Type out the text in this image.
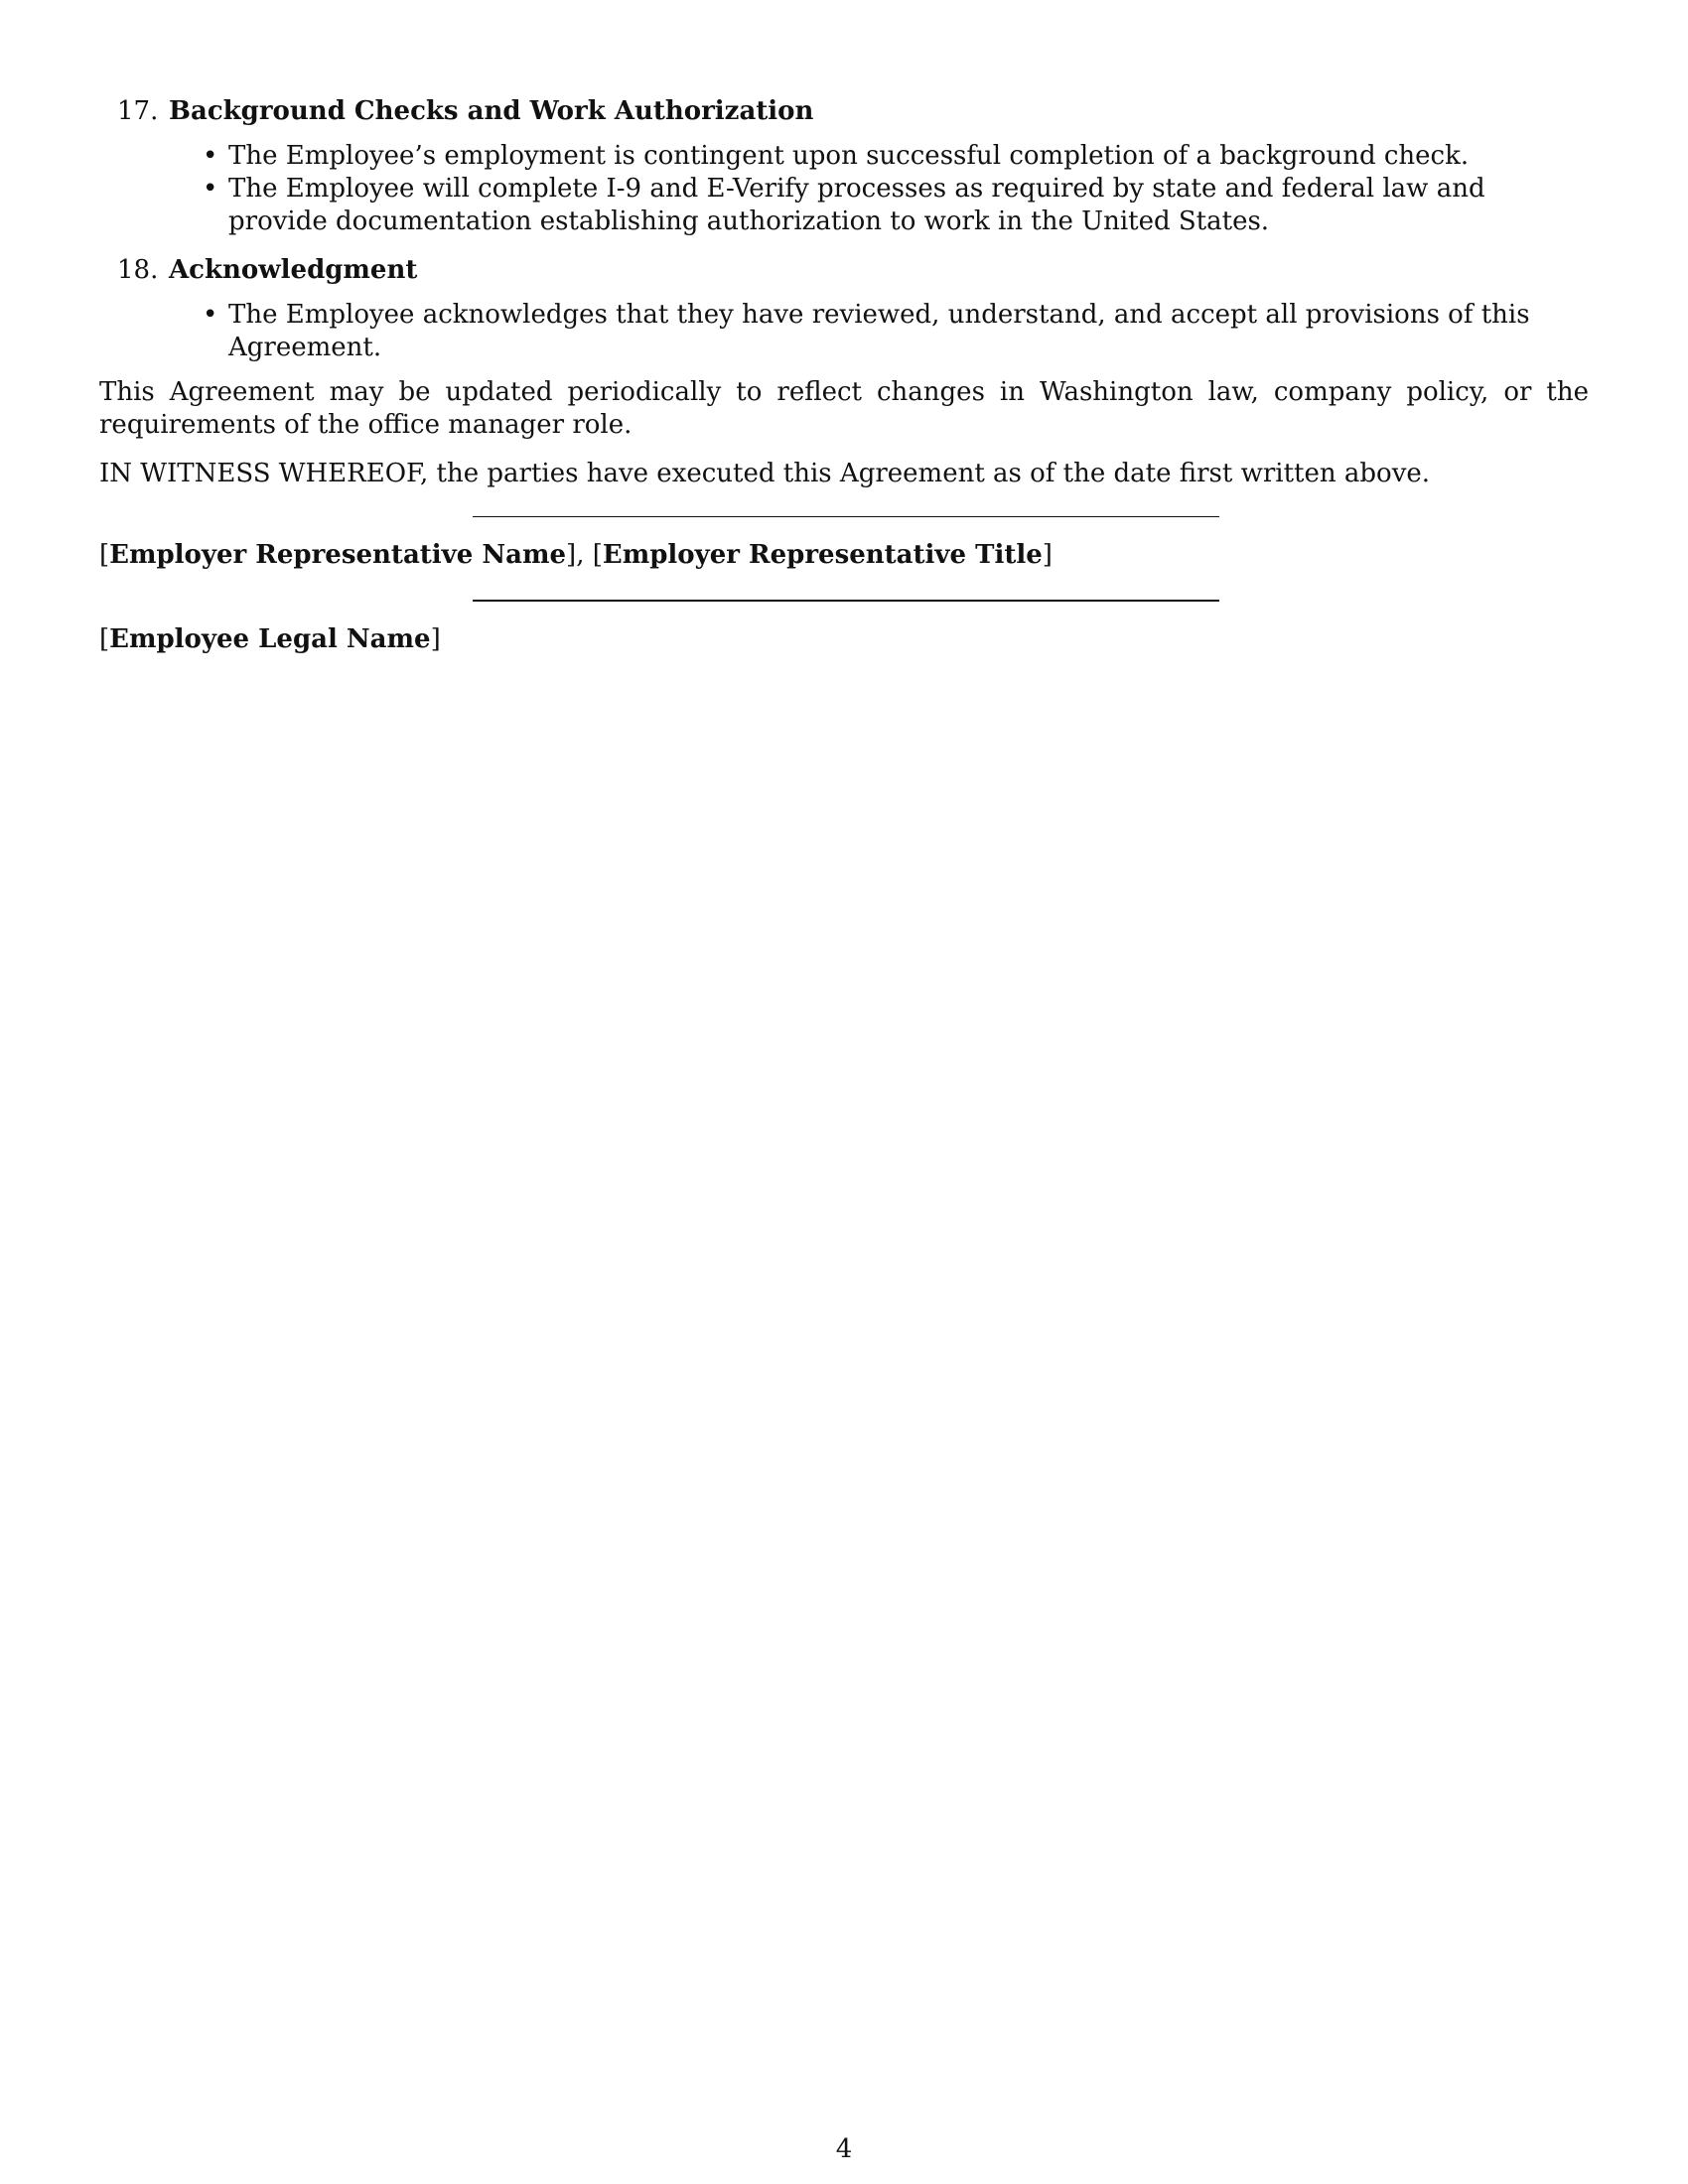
17. Background Checks and Work Authorization
• The Employee’s employment is contingent upon successful completion of a background check.
• The Employee will complete I-9 and E-Verify processes as required by state and federal law and provide documentation establishing authorization to work in the United States.
18. Acknowledgment
• The Employee acknowledges that they have reviewed, understand, and accept all provisions of this Agreement.

This Agreement may be updated periodically to reflect changes in Washington law, company policy, or the requirements of the office manager role.

IN WITNESS WHEREOF, the parties have executed this Agreement as of the date first written above.

[Employer Representative Name], [Employer Representative Title]
[Employee Legal Name]
4
